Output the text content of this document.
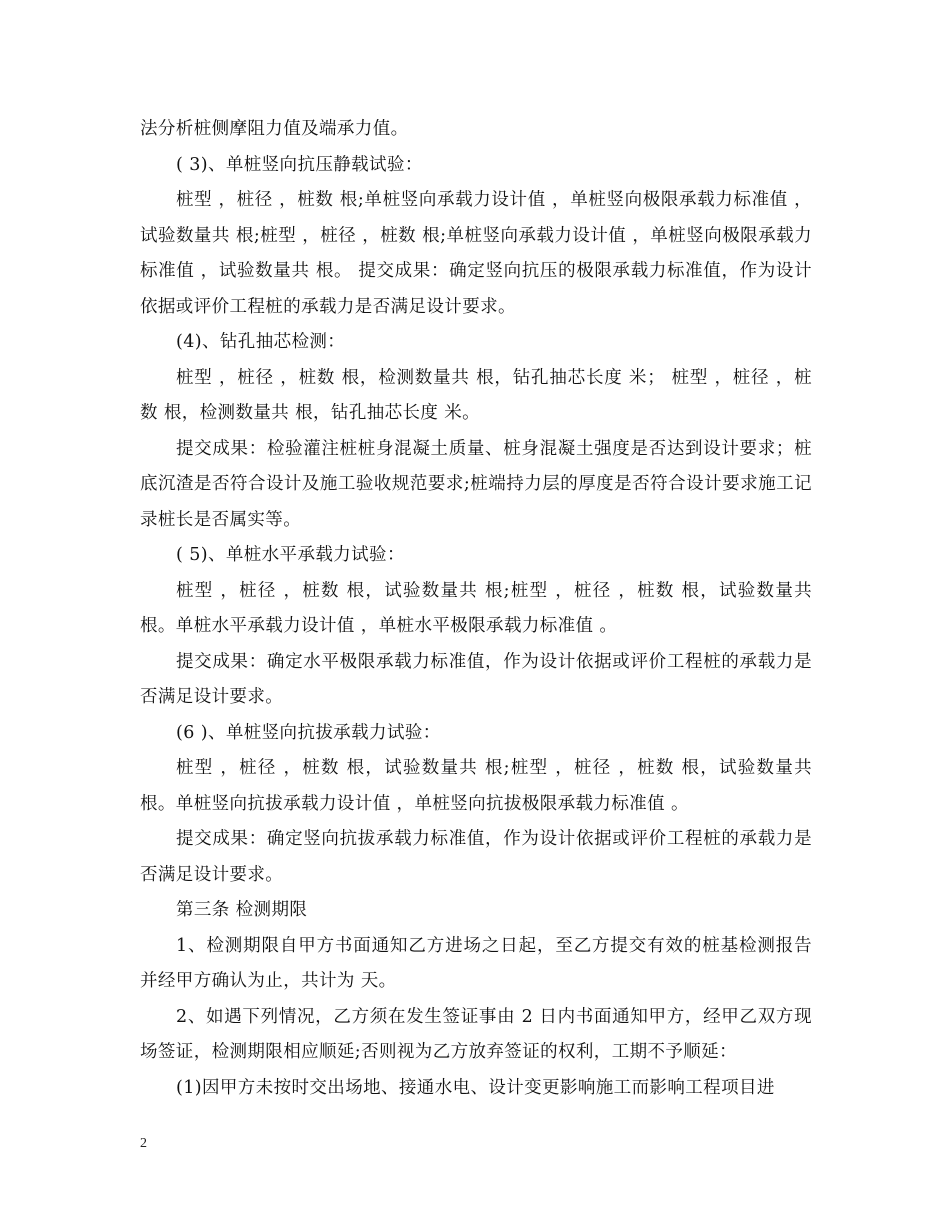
法分析桩侧摩阻力值及端承力值。

( 3)、单桩竖向抗压静载试验：

桩型 ，桩径 ，桩数 根;单桩竖向承载力设计值 ，单桩竖向极限承载力标准值 ，试验数量共 根;桩型 ，桩径 ，桩数 根;单桩竖向承载力设计值 ，单桩竖向极限承载力标准值 ，试验数量共 根。 提交成果：确定竖向抗压的极限承载力标准值，作为设计依据或评价工程桩的承载力是否满足设计要求。

(4)、钻孔抽芯检测：

桩型 ，桩径 ，桩数 根，检测数量共 根，钻孔抽芯长度 米； 桩型 ，桩径 ，桩数 根，检测数量共 根，钻孔抽芯长度 米。

提交成果：检验灌注桩桩身混凝土质量、桩身混凝土强度是否达到设计要求；桩底沉渣是否符合设计及施工验收规范要求;桩端持力层的厚度是否符合设计要求施工记录桩长是否属实等。

( 5)、单桩水平承载力试验：

桩型 ，桩径 ，桩数 根，试验数量共 根;桩型 ，桩径 ，桩数 根，试验数量共 根。单桩水平承载力设计值 ，单桩水平极限承载力标准值 。

提交成果：确定水平极限承载力标准值，作为设计依据或评价工程桩的承载力是否满足设计要求。

(6 )、单桩竖向抗拔承载力试验：

桩型 ，桩径 ，桩数 根，试验数量共 根;桩型 ，桩径 ，桩数 根，试验数量共 根。单桩竖向抗拔承载力设计值 ，单桩竖向抗拔极限承载力标准值 。

提交成果：确定竖向抗拔承载力标准值，作为设计依据或评价工程桩的承载力是否满足设计要求。

第三条 检测期限

1、检测期限自甲方书面通知乙方进场之日起，至乙方提交有效的桩基检测报告并经甲方确认为止，共计为 天。

2、如遇下列情况，乙方须在发生签证事由 2 日内书面通知甲方，经甲乙双方现场签证，检测期限相应顺延;否则视为乙方放弃签证的权利，工期不予顺延：

(1)因甲方未按时交出场地、接通水电、设计变更影响施工而影响工程项目进

2
